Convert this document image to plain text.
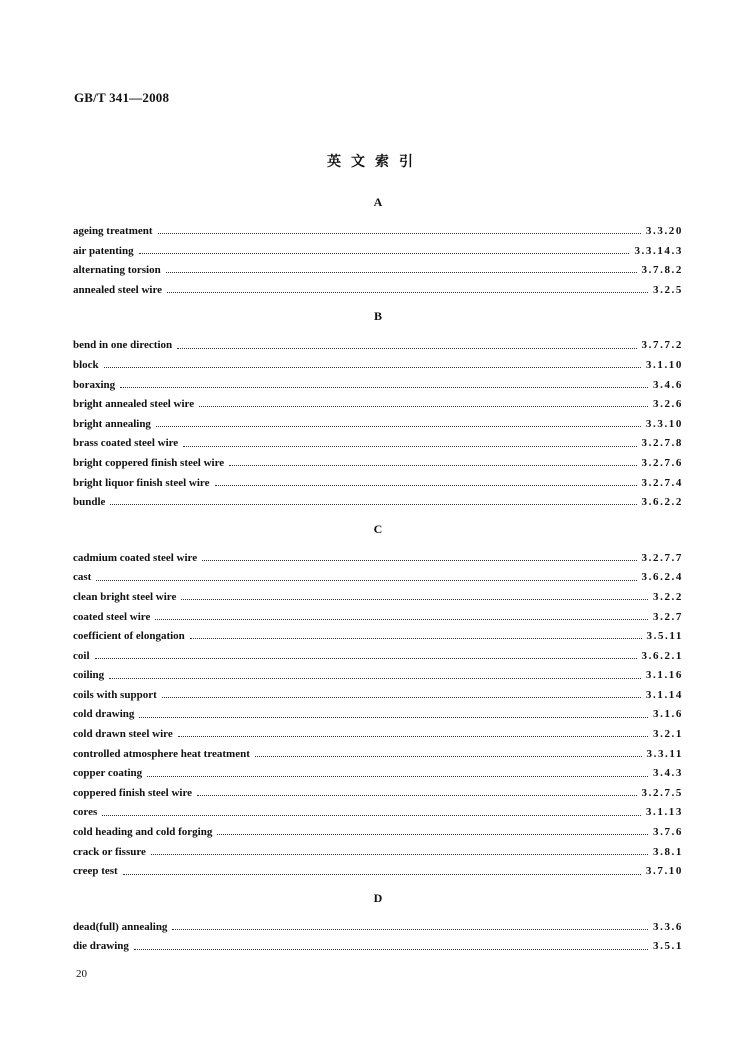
GB/T 341—2008
英文索引
A
ageing treatment	3.3.20
air patenting	3.3.14.3
alternating torsion	3.7.8.2
annealed steel wire	3.2.5
B
bend in one direction	3.7.7.2
block	3.1.10
boraxing	3.4.6
bright annealed steel wire	3.2.6
bright annealing	3.3.10
brass coated steel wire	3.2.7.8
bright coppered finish steel wire	3.2.7.6
bright liquor finish steel wire	3.2.7.4
bundle	3.6.2.2
C
cadmium coated steel wire	3.2.7.7
cast	3.6.2.4
clean bright steel wire	3.2.2
coated steel wire	3.2.7
coefficient of elongation	3.5.11
coil	3.6.2.1
coiling	3.1.16
coils with support	3.1.14
cold drawing	3.1.6
cold drawn steel wire	3.2.1
controlled atmosphere heat treatment	3.3.11
copper coating	3.4.3
coppered finish steel wire	3.2.7.5
cores	3.1.13
cold heading and cold forging	3.7.6
crack or fissure	3.8.1
creep test	3.7.10
D
dead(full) annealing	3.3.6
die drawing	3.5.1
20
